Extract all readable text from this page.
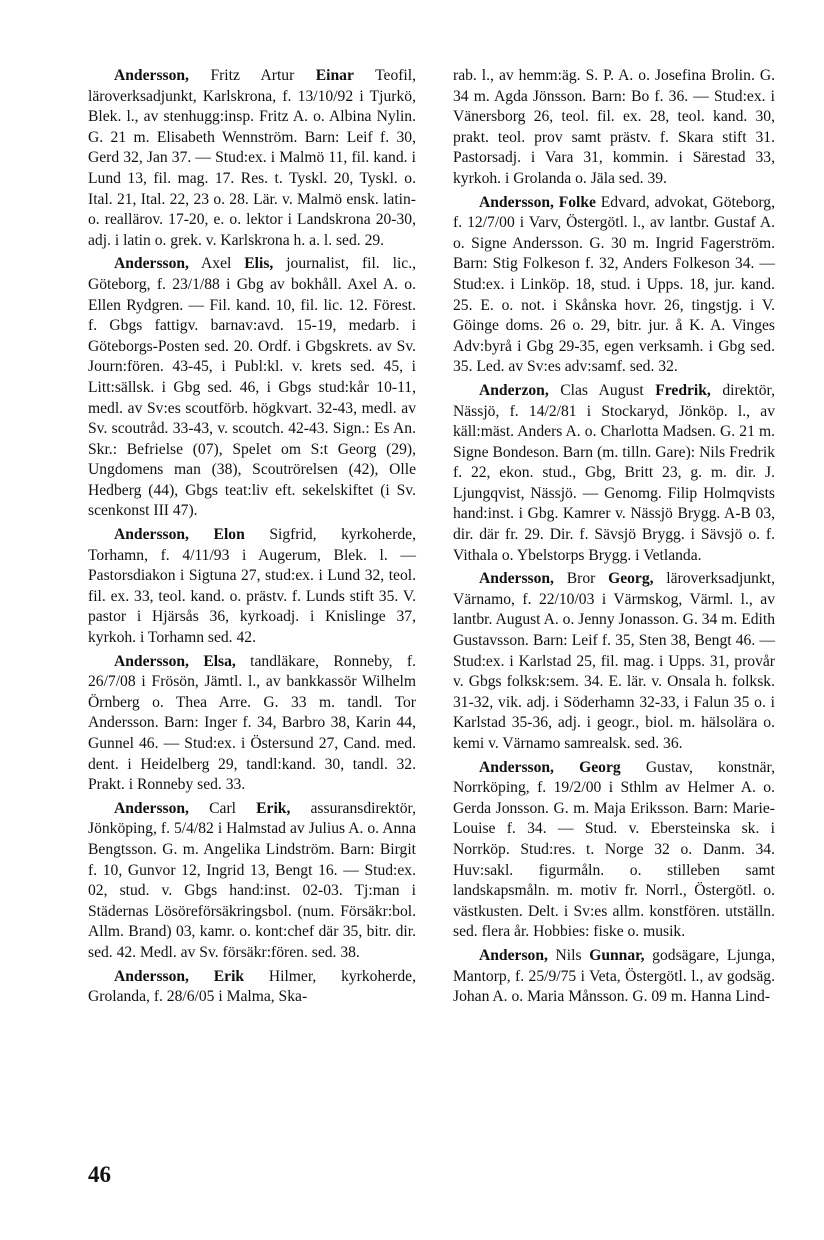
Andersson, Fritz Artur Einar Teofil, läroverksadjunkt, Karlskrona, f. 13/10/92 i Tjurkö, Blek. l., av stenhugg:insp. Fritz A. o. Albina Nylin. G. 21 m. Elisabeth Wennström. Barn: Leif f. 30, Gerd 32, Jan 37. — Stud:ex. i Malmö 11, fil. kand. i Lund 13, fil. mag. 17. Res. t. Tyskl. 20, Tyskl. o. Ital. 21, Ital. 22, 23 o. 28. Lär. v. Malmö ensk. latin- o. reallärov. 17-20, e. o. lektor i Landskrona 20-30, adj. i latin o. grek. v. Karlskrona h. a. l. sed. 29.

Andersson, Axel Elis, journalist, fil. lic., Göteborg, f. 23/1/88 i Gbg av bokhåll. Axel A. o. Ellen Rydgren. — Fil. kand. 10, fil. lic. 12. Förest. f. Gbgs fattigv. barnav:avd. 15-19, medarb. i Göteborgs-Posten sed. 20. Ordf. i Gbgskrets. av Sv. Journ:fören. 43-45, i Publ:kl. v. krets sed. 45, i Litt:sällsk. i Gbg sed. 46, i Gbgs stud:kår 10-11, medl. av Sv:es scoutförb. högkvart. 32-43, medl. av Sv. scoutråd. 33-43, v. scoutch. 42-43. Sign.: Es An. Skr.: Befrielse (07), Spelet om S:t Georg (29), Ungdomens man (38), Scoutrörelsen (42), Olle Hedberg (44), Gbgs teat:liv eft. sekelskiftet (i Sv. scenkonst III 47).

Andersson, Elon Sigfrid, kyrkoherde, Torhamn, f. 4/11/93 i Augerum, Blek. l. — Pastorsdiakon i Sigtuna 27, stud:ex. i Lund 32, teol. fil. ex. 33, teol. kand. o. prästv. f. Lunds stift 35. V. pastor i Hjärsås 36, kyrkoadj. i Knislinge 37, kyrkoh. i Torhamn sed. 42.

Andersson, Elsa, tandläkare, Ronneby, f. 26/7/08 i Frösön, Jämtl. l., av bankkassör Wilhelm Örnberg o. Thea Arre. G. 33 m. tandl. Tor Andersson. Barn: Inger f. 34, Barbro 38, Karin 44, Gunnel 46. — Stud:ex. i Östersund 27, Cand. med. dent. i Heidelberg 29, tandl:kand. 30, tandl. 32. Prakt. i Ronneby sed. 33.

Andersson, Carl Erik, assuransdirektör, Jönköping, f. 5/4/82 i Halmstad av Julius A. o. Anna Bengtsson. G. m. Angelika Lindström. Barn: Birgit f. 10, Gunvor 12, Ingrid 13, Bengt 16. — Stud:ex. 02, stud. v. Gbgs hand:inst. 02-03. Tj:man i Städernas Lösöreförsäkringsbol. (num. Försäkr:bol. Allm. Brand) 03, kamr. o. kont:chef där 35, bitr. dir. sed. 42. Medl. av Sv. försäkr:fören. sed. 38.

Andersson, Erik Hilmer, kyrkoherde, Grolanda, f. 28/6/05 i Malma, Ska-

rab. l., av hemm:äg. S. P. A. o. Josefina Brolin. G. 34 m. Agda Jönsson. Barn: Bo f. 36. — Stud:ex. i Vänersborg 26, teol. fil. ex. 28, teol. kand. 30, prakt. teol. prov samt prästv. f. Skara stift 31. Pastorsadj. i Vara 31, kommin. i Särestad 33, kyrkoh. i Grolanda o. Jäla sed. 39.

Andersson, Folke Edvard, advokat, Göteborg, f. 12/7/00 i Varv, Östergötl. l., av lantbr. Gustaf A. o. Signe Andersson. G. 30 m. Ingrid Fagerström. Barn: Stig Folkeson f. 32, Anders Folkeson 34. — Stud:ex. i Linköp. 18, stud. i Upps. 18, jur. kand. 25. E. o. not. i Skånska hovr. 26, tingstjg. i V. Göinge doms. 26 o. 29, bitr. jur. å K. A. Vinges Adv:byrå i Gbg 29-35, egen verksamh. i Gbg sed. 35. Led. av Sv:es adv:samf. sed. 32.

Anderzon, Clas August Fredrik, direktör, Nässjö, f. 14/2/81 i Stockaryd, Jönköp. l., av käll:mäst. Anders A. o. Charlotta Madsen. G. 21 m. Signe Bondeson. Barn (m. tilln. Gare): Nils Fredrik f. 22, ekon. stud., Gbg, Britt 23, g. m. dir. J. Ljungqvist, Nässjö. — Genomg. Filip Holmqvists hand:inst. i Gbg. Kamrer v. Nässjö Brygg. A-B 03, dir. där fr. 29. Dir. f. Sävsjö Brygg. i Sävsjö o. f. Vithala o. Ybelstorps Brygg. i Vetlanda.

Andersson, Bror Georg, läroverksadjunkt, Värnamo, f. 22/10/03 i Värmskog, Värml. l., av lantbr. August A. o. Jenny Jonasson. G. 34 m. Edith Gustavsson. Barn: Leif f. 35, Sten 38, Bengt 46. — Stud:ex. i Karlstad 25, fil. mag. i Upps. 31, provår v. Gbgs folksk:sem. 34. E. lär. v. Onsala h. folksk. 31-32, vik. adj. i Söderhamn 32-33, i Falun 35 o. i Karlstad 35-36, adj. i geogr., biol. m. hälsolära o. kemi v. Värnamo samrealsk. sed. 36.

Andersson, Georg Gustav, konstnär, Norrköping, f. 19/2/00 i Sthlm av Helmer A. o. Gerda Jonsson. G. m. Maja Eriksson. Barn: Marie-Louise f. 34. — Stud. v. Ebersteinska sk. i Norrköp. Stud:res. t. Norge 32 o. Danm. 34. Huv:sakl. figurmåln. o. stilleben samt landskapsmåln. m. motiv fr. Norrl., Östergötl. o. västkusten. Delt. i Sv:es allm. konstfören. utställn. sed. flera år. Hobbies: fiske o. musik.

Anderson, Nils Gunnar, godsägare, Ljunga, Mantorp, f. 25/9/75 i Veta, Östergötl. l., av godsäg. Johan A. o. Maria Månsson. G. 09 m. Hanna Lind-

46
